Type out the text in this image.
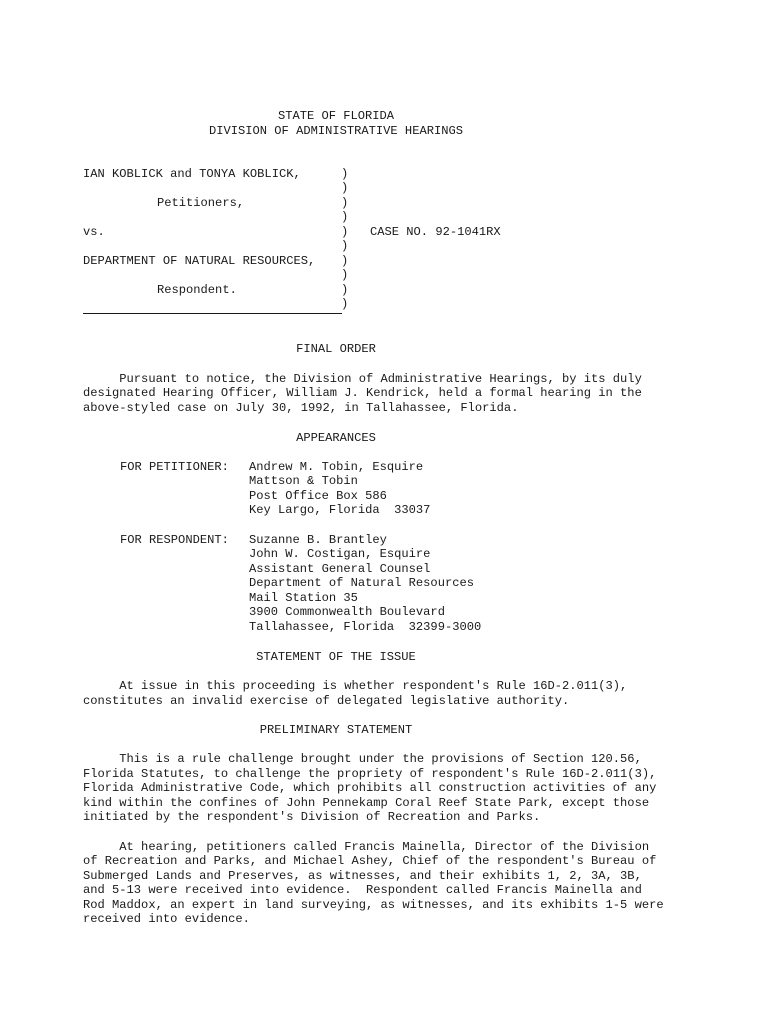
STATE OF FLORIDA
DIVISION OF ADMINISTRATIVE HEARINGS
IAN KOBLICK and TONYA KOBLICK,
Petitioners,
vs.	CASE NO. 92-1041RX
DEPARTMENT OF NATURAL RESOURCES,
Respondent.
)
)
)
)
)
)
)
)
)
)
FINAL ORDER
Pursuant to notice, the Division of Administrative Hearings, by its duly
designated Hearing Officer, William J. Kendrick, held a formal hearing in the
above-styled case on July 30, 1992, in Tallahassee, Florida.
APPEARANCES
FOR PETITIONER: Andrew M. Tobin, Esquire
Mattson & Tobin
Post Office Box 586
Key Largo, Florida  33037
FOR RESPONDENT: Suzanne B. Brantley
John W. Costigan, Esquire
Assistant General Counsel
Department of Natural Resources
Mail Station 35
3900 Commonwealth Boulevard
Tallahassee, Florida  32399-3000
STATEMENT OF THE ISSUE
At issue in this proceeding is whether respondent's Rule 16D-2.011(3),
constitutes an invalid exercise of delegated legislative authority.
PRELIMINARY STATEMENT
This is a rule challenge brought under the provisions of Section 120.56,
Florida Statutes, to challenge the propriety of respondent's Rule 16D-2.011(3),
Florida Administrative Code, which prohibits all construction activities of any
kind within the confines of John Pennekamp Coral Reef State Park, except those
initiated by the respondent's Division of Recreation and Parks.
At hearing, petitioners called Francis Mainella, Director of the Division
of Recreation and Parks, and Michael Ashey, Chief of the respondent's Bureau of
Submerged Lands and Preserves, as witnesses, and their exhibits 1, 2, 3A, 3B,
and 5-13 were received into evidence.  Respondent called Francis Mainella and
Rod Maddox, an expert in land surveying, as witnesses, and its exhibits 1-5 were
received into evidence.
